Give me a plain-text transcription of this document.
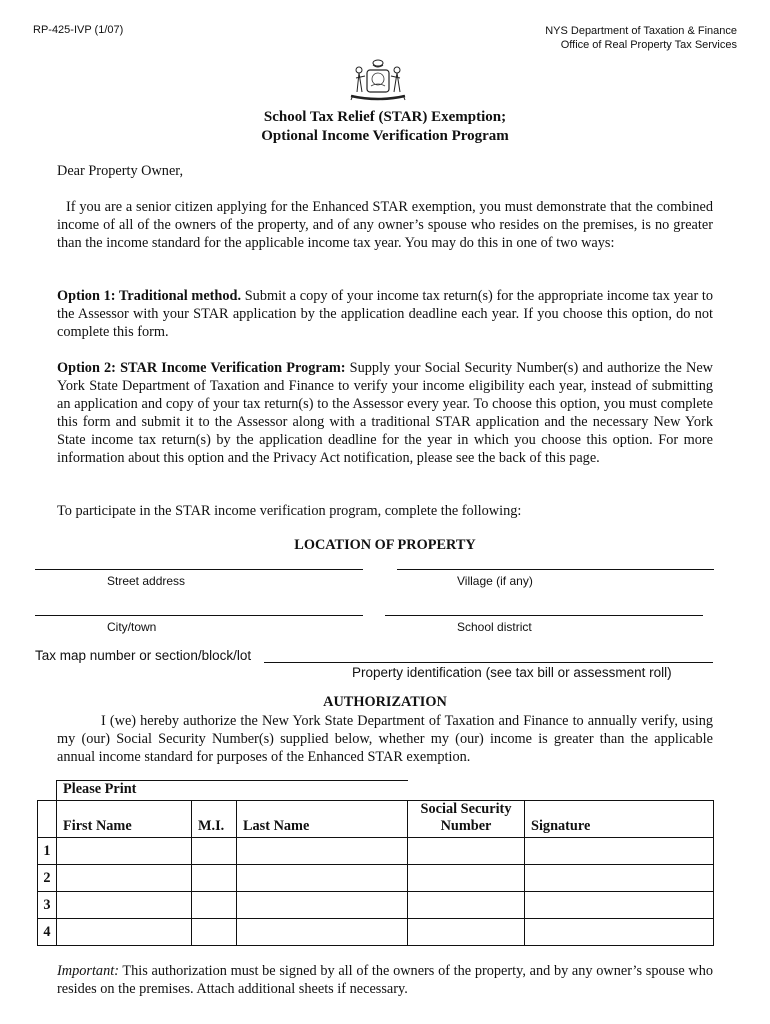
RP-425-IVP (1/07)	NYS Department of Taxation & Finance
Office of Real Property Tax Services
School Tax Relief (STAR) Exemption;
Optional Income Verification Program
Dear Property Owner,
If you are a senior citizen applying for the Enhanced STAR exemption, you must demonstrate that the combined income of all of the owners of the property, and of any owner’s spouse who resides on the premises, is no greater than the income standard for the applicable income tax year. You may do this in one of two ways:
Option 1: Traditional method. Submit a copy of your income tax return(s) for the appropriate income tax year to the Assessor with your STAR application by the application deadline each year. If you choose this option, do not complete this form.
Option 2: STAR Income Verification Program: Supply your Social Security Number(s) and authorize the New York State Department of Taxation and Finance to verify your income eligibility each year, instead of submitting an application and copy of your tax return(s) to the Assessor every year. To choose this option, you must complete this form and submit it to the Assessor along with a traditional STAR application and the necessary New York State income tax return(s) by the application deadline for the year in which you choose this option. For more information about this option and the Privacy Act notification, please see the back of this page.
To participate in the STAR income verification program, complete the following:
LOCATION OF PROPERTY
Street address	Village (if any)
City/town	School district
Tax map number or section/block/lot
Property identification (see tax bill or assessment roll)
AUTHORIZATION
I (we) hereby authorize the New York State Department of Taxation and Finance to annually verify, using my (our) Social Security Number(s) supplied below, whether my (our) income is greater than the applicable annual income standard for purposes of the Enhanced STAR exemption.
	Please Print				
	First Name	M.I.	Last Name	Social Security
Number	Signature
1					
2					
3					
4					
Important: This authorization must be signed by all of the owners of the property, and by any owner’s spouse who resides on the premises. Attach additional sheets if necessary.
